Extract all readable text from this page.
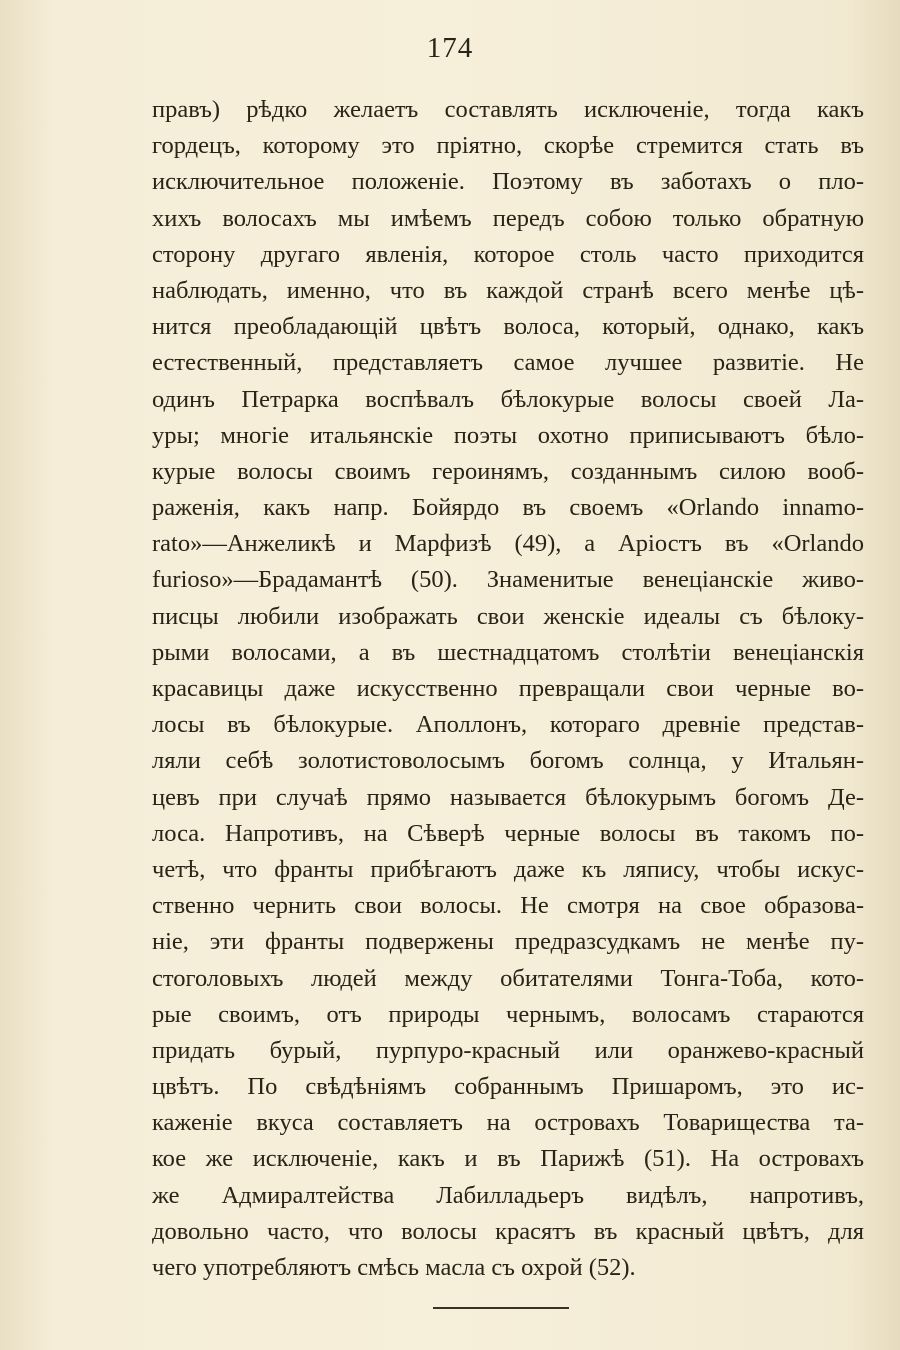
174
правъ) рѣдко желаетъ составлять исключеніе, тогда какъ
гордецъ, которому это пріятно, скорѣе стремится стать въ
исключительное положеніе. Поэтому въ заботахъ о пло-
хихъ волосахъ мы имѣемъ передъ собою только обратную
сторону другаго явленія, которое столь часто приходится
наблюдать, именно, что въ каждой странѣ всего менѣе цѣ-
нится преобладающій цвѣтъ волоса, который, однако, какъ
естественный, представляетъ самое лучшее развитіе. Не
одинъ Петрарка воспѣвалъ бѣлокурые волосы своей Ла-
уры; многіе итальянскіе поэты охотно приписываютъ бѣло-
курые волосы своимъ героинямъ, созданнымъ силою вооб-
раженія, какъ напр. Бойярдо въ своемъ «Orlando innamo-
rato»—Анжеликѣ и Марфизѣ (49), а Аріостъ въ «Orlando
furioso»—Брадамантѣ (50). Знаменитые венеціанскіе живо-
писцы любили изображать свои женскіе идеалы съ бѣлоку-
рыми волосами, а въ шестнадцатомъ столѣтіи венеціанскія
красавицы даже искусственно превращали свои черные во-
лосы въ бѣлокурые. Аполлонъ, котораго древніе представ-
ляли себѣ золотистоволосымъ богомъ солнца, у Итальян-
цевъ при случаѣ прямо называется бѣлокурымъ богомъ Де-
лоса. Напротивъ, на Сѣверѣ черные волосы въ такомъ по-
четѣ, что франты прибѣгаютъ даже къ ляпису, чтобы искус-
ственно чернить свои волосы. Не смотря на свое образова-
ніе, эти франты подвержены предразсудкамъ не менѣе пу-
стоголовыхъ людей между обитателями Тонга-Тоба, кото-
рые своимъ, отъ природы чернымъ, волосамъ стараются
придать бурый, пурпуро-красный или оранжево-красный
цвѣтъ. По свѣдѣніямъ собраннымъ Пришаромъ, это ис-
каженіе вкуса составляетъ на островахъ Товарищества та-
кое же исключеніе, какъ и въ Парижѣ (51). На островахъ
же Адмиралтейства Лабилладьеръ видѣлъ, напротивъ,
довольно часто, что волосы красятъ въ красный цвѣтъ, для
чего употребляютъ смѣсь масла съ охрой (52).
